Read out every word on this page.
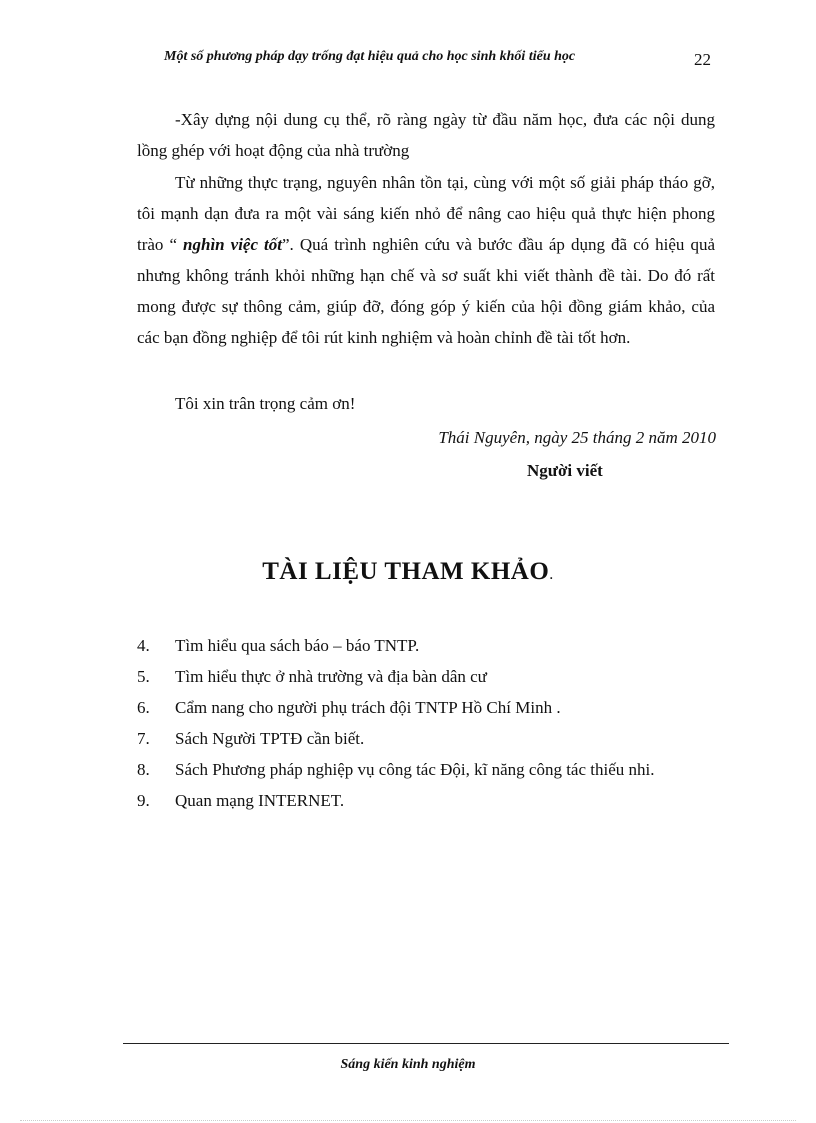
Một số phương pháp dạy trống đạt hiệu quả cho học sinh khối tiểu học	22

-Xây dựng nội dung cụ thể, rõ ràng ngày từ đầu năm học, đưa các nội dung lồng ghép với hoạt động của nhà trường

Từ những thực trạng, nguyên nhân tồn tại, cùng với một số giải pháp tháo gỡ, tôi mạnh dạn đưa ra một vài sáng kiến nhỏ để nâng cao hiệu quả thực hiện phong trào “ nghìn việc tốt”. Quá trình nghiên cứu và bước đầu áp dụng đã có hiệu quả nhưng không tránh khỏi những hạn chế và sơ suất khi viết thành đề tài. Do đó rất mong được sự thông cảm, giúp đỡ, đóng góp ý kiến của hội đồng giám khảo, của các bạn đồng nghiệp để tôi rút kinh nghiệm và hoàn chỉnh đề tài tốt hơn.

Tôi xin trân trọng cảm ơn!
Thái Nguyên, ngày 25 tháng 2 năm 2010
Người viết
TÀI LIỆU THAM KHẢO.
4.	Tìm hiểu qua sách báo – báo TNTP.
5.	Tìm hiểu thực ở nhà trường và địa bàn dân cư
6.	Cẩm nang cho người phụ trách đội TNTP Hồ Chí Minh .
7.	Sách Người TPTĐ cần biết.
8.	Sách Phương pháp nghiệp vụ công tác Đội, kĩ năng công tác thiếu nhi.
9.	Quan mạng INTERNET.
Sáng kiến kinh nghiệm
